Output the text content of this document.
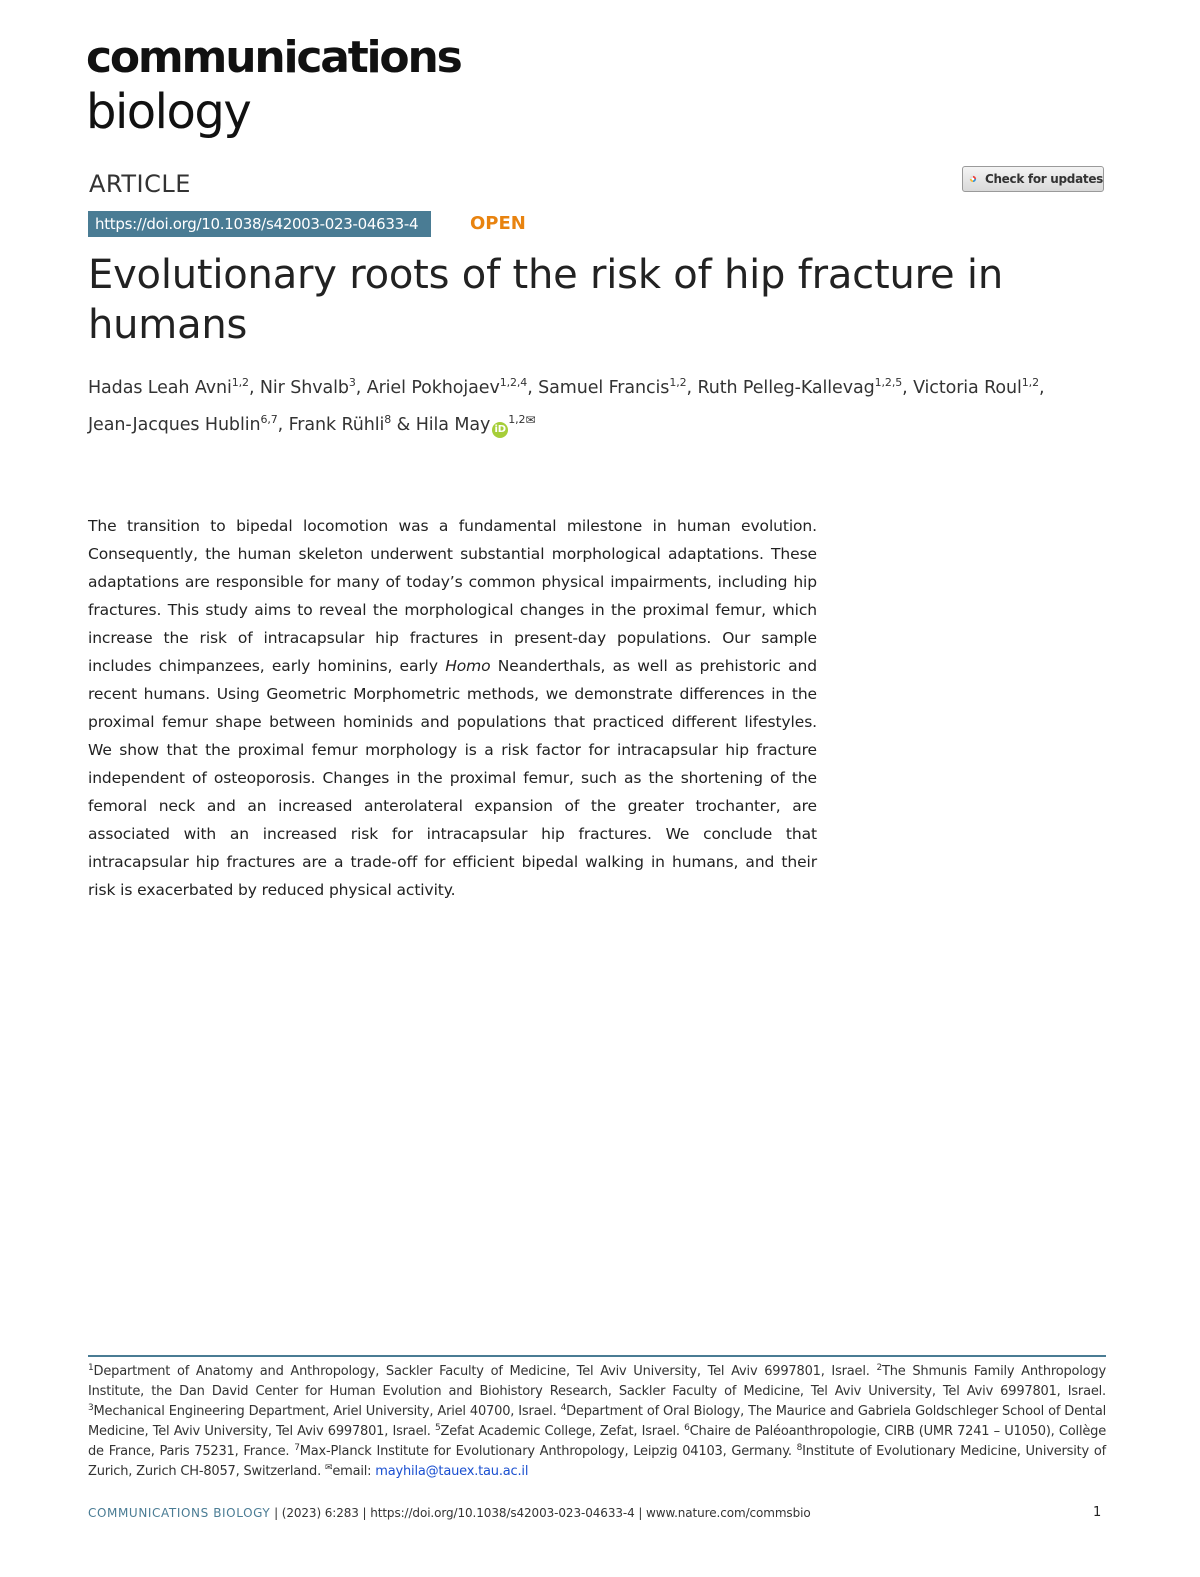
communications
biology
ARTICLE	Check for updates
https://doi.org/10.1038/s42003-023-04633-4	OPEN
Evolutionary roots of the risk of hip fracture in humans
Hadas Leah Avni$^{1,2}$, Nir Shvalb$^3$, Ariel Pokhojaev$^{1,2,4}$, Samuel Francis$^{1,2}$, Ruth Pelleg-Kallevag$^{1,2,5}$, Victoria Roul$^{1,2}$,
Jean-Jacques Hublin$^{6,7}$, Frank Rühli$^8$ & Hila May $iD^{1,2✉}$

The transition to bipedal locomotion was a fundamental milestone in human evolution. Consequently, the human skeleton underwent substantial morphological adaptations. These adaptations are responsible for many of today’s common physical impairments, including hip fractures. This study aims to reveal the morphological changes in the proximal femur, which increase the risk of intracapsular hip fractures in present-day populations. Our sample includes chimpanzees, early hominins, early Homo Neanderthals, as well as prehistoric and recent humans. Using Geometric Morphometric methods, we demonstrate differences in the proximal femur shape between hominids and populations that practiced different lifestyles. We show that the proximal femur morphology is a risk factor for intracapsular hip fracture independent of osteoporosis. Changes in the proximal femur, such as the shortening of the femoral neck and an increased anterolateral expansion of the greater trochanter, are associated with an increased risk for intracapsular hip fractures. We conclude that intracapsular hip fractures are a trade-off for efficient bipedal walking in humans, and their risk is exacerbated by reduced physical activity.

$^1$Department of Anatomy and Anthropology, Sackler Faculty of Medicine, Tel Aviv University, Tel Aviv 6997801, Israel. $^2$The Shmunis Family Anthropology Institute, the Dan David Center for Human Evolution and Biohistory Research, Sackler Faculty of Medicine, Tel Aviv University, Tel Aviv 6997801, Israel. $^3$Mechanical Engineering Department, Ariel University, Ariel 40700, Israel. $^4$Department of Oral Biology, The Maurice and Gabriela Goldschleger School of Dental Medicine, Tel Aviv University, Tel Aviv 6997801, Israel. $^5$Zefat Academic College, Zefat, Israel. $^6$Chaire de Paléoanthropologie, CIRB (UMR 7241 – U1050), Collège de France, Paris 75231, France. $^7$Max-Planck Institute for Evolutionary Anthropology, Leipzig 04103, Germany. $^8$Institute of Evolutionary Medicine, University of Zurich, Zurich CH-8057, Switzerland. ✉email: mayhila@tauex.tau.ac.il

COMMUNICATIONS BIOLOGY | (2023) 6:283 | https://doi.org/10.1038/s42003-023-04633-4 | www.nature.com/commsbio	1
